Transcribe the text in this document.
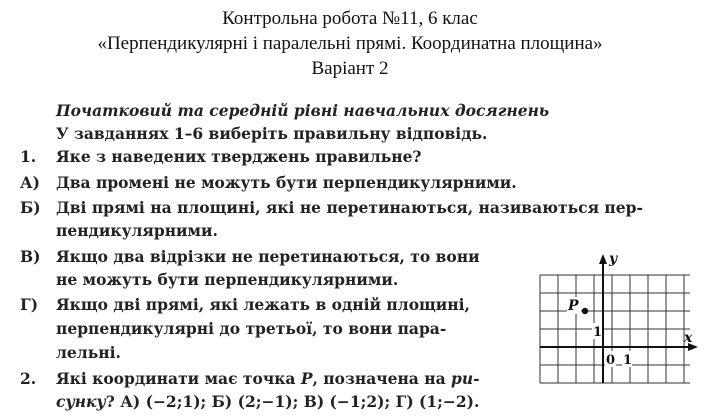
Контрольна робота №11, 6 клас
«Перпендикулярні і паралельні прямі. Координатна площина»
Варіант 2
Початковий та середній рівні навчальних досягнень
У завданнях 1–6 виберіть правильну відповідь.
1. Яке з наведених тверджень правильне?
А) Два промені не можуть бути перпендикулярними.
Б) Дві прямі на площині, які не перетинаються, називаються пер-
пендикулярними.
В) Якщо два відрізки не перетинаються, то вони
не можуть бути перпендикулярними.
Г) Якщо дві прямі, які лежать в одній площині,
перпендикулярні до третьої, то вони пара-
лельні.
2. Які координати має точка P, позначена на ри-
сунку? А) (−2;1); Б) (2;−1); В) (−1;2); Г) (1;−2).
y
x
1
0 1
P
